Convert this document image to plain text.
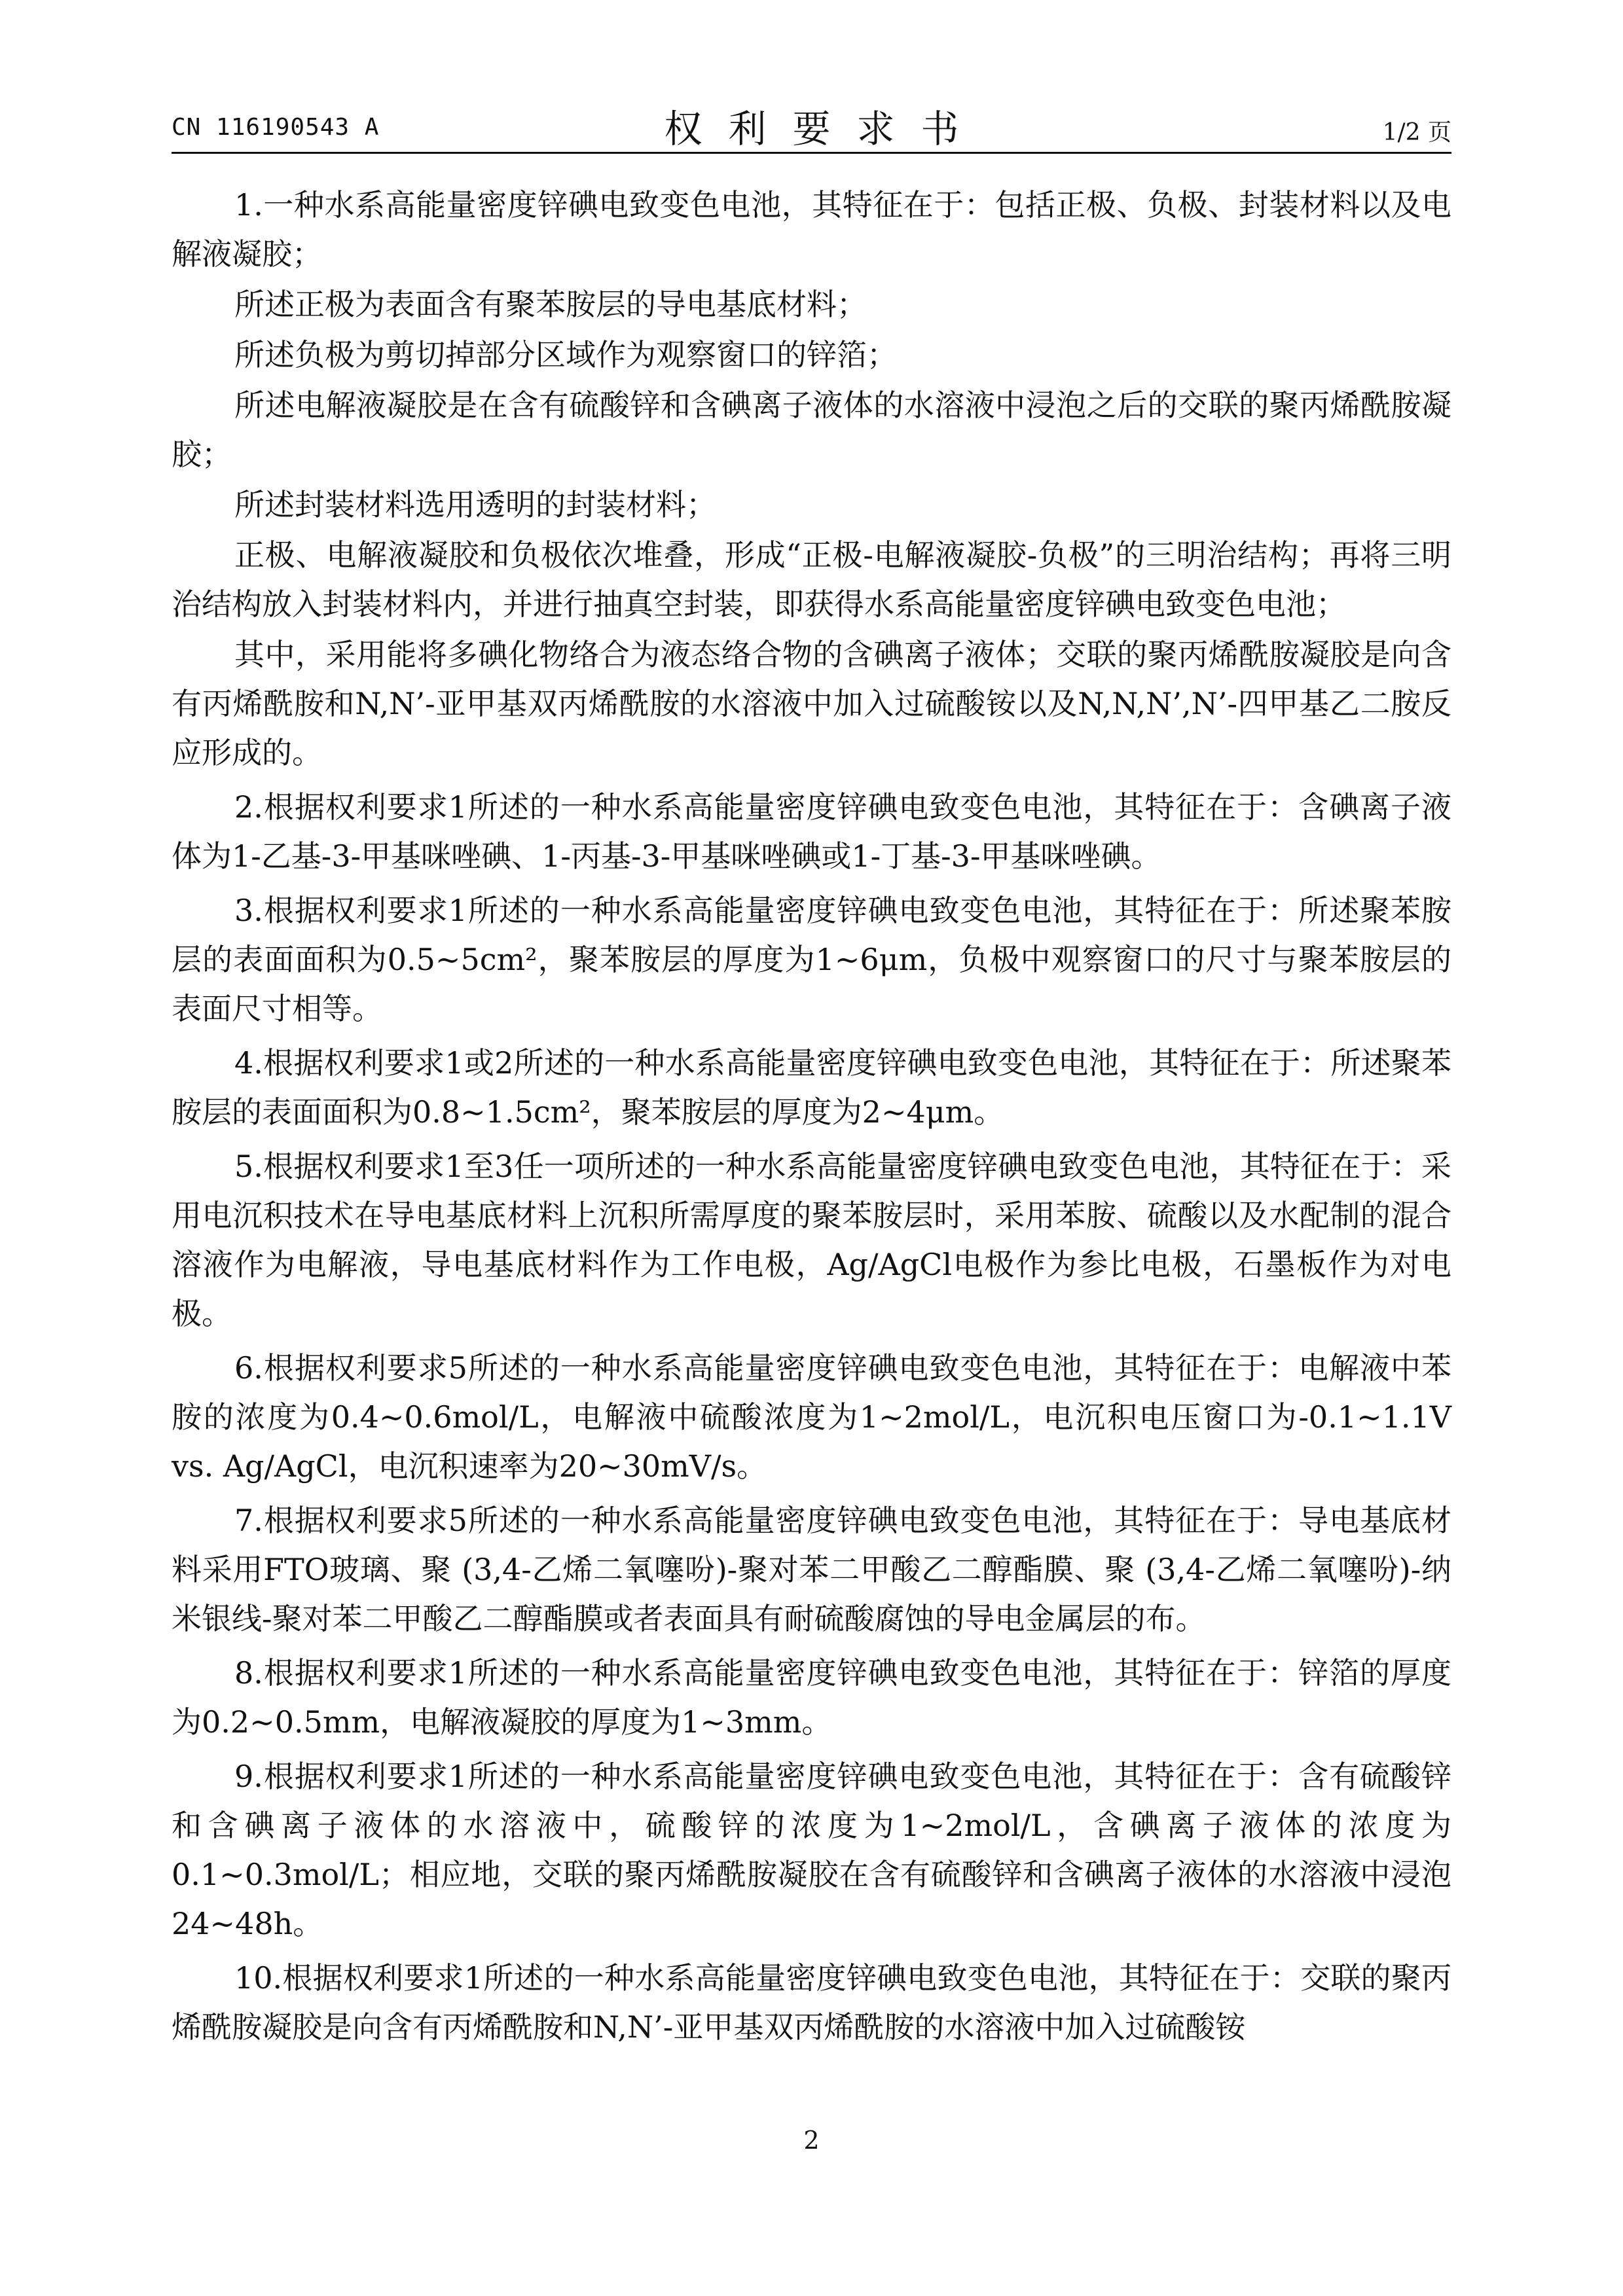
CN 116190543 A	权利要求书	1/2 页

1.一种水系高能量密度锌碘电致变色电池，其特征在于：包括正极、负极、封装材料以及电解液凝胶；

所述正极为表面含有聚苯胺层的导电基底材料；

所述负极为剪切掉部分区域作为观察窗口的锌箔；

所述电解液凝胶是在含有硫酸锌和含碘离子液体的水溶液中浸泡之后的交联的聚丙烯酰胺凝胶；

所述封装材料选用透明的封装材料；

正极、电解液凝胶和负极依次堆叠，形成“正极-电解液凝胶-负极”的三明治结构；再将三明治结构放入封装材料内，并进行抽真空封装，即获得水系高能量密度锌碘电致变色电池；

其中，采用能将多碘化物络合为液态络合物的含碘离子液体；交联的聚丙烯酰胺凝胶是向含有丙烯酰胺和N,N’-亚甲基双丙烯酰胺的水溶液中加入过硫酸铵以及N,N,N’,N’-四甲基乙二胺反应形成的。

2.根据权利要求1所述的一种水系高能量密度锌碘电致变色电池，其特征在于：含碘离子液体为1-乙基-3-甲基咪唑碘、1-丙基-3-甲基咪唑碘或1-丁基-3-甲基咪唑碘。

3.根据权利要求1所述的一种水系高能量密度锌碘电致变色电池，其特征在于：所述聚苯胺层的表面面积为0.5~5cm²，聚苯胺层的厚度为1~6μm，负极中观察窗口的尺寸与聚苯胺层的表面尺寸相等。

4.根据权利要求1或2所述的一种水系高能量密度锌碘电致变色电池，其特征在于：所述聚苯胺层的表面面积为0.8~1.5cm²，聚苯胺层的厚度为2~4μm。

5.根据权利要求1至3任一项所述的一种水系高能量密度锌碘电致变色电池，其特征在于：采用电沉积技术在导电基底材料上沉积所需厚度的聚苯胺层时，采用苯胺、硫酸以及水配制的混合溶液作为电解液，导电基底材料作为工作电极，Ag/AgCl电极作为参比电极，石墨板作为对电极。

6.根据权利要求5所述的一种水系高能量密度锌碘电致变色电池，其特征在于：电解液中苯胺的浓度为0.4~0.6mol/L，电解液中硫酸浓度为1~2mol/L，电沉积电压窗口为-0.1~1.1V vs. Ag/AgCl，电沉积速率为20~30mV/s。

7.根据权利要求5所述的一种水系高能量密度锌碘电致变色电池，其特征在于：导电基底材料采用FTO玻璃、聚 (3,4-乙烯二氧噻吩)-聚对苯二甲酸乙二醇酯膜、聚 (3,4-乙烯二氧噻吩)-纳米银线-聚对苯二甲酸乙二醇酯膜或者表面具有耐硫酸腐蚀的导电金属层的布。

8.根据权利要求1所述的一种水系高能量密度锌碘电致变色电池，其特征在于：锌箔的厚度为0.2~0.5mm，电解液凝胶的厚度为1~3mm。

9.根据权利要求1所述的一种水系高能量密度锌碘电致变色电池，其特征在于：含有硫酸锌和含碘离子液体的水溶液中，硫酸锌的浓度为1~2mol/L，含碘离子液体的浓度为0.1~0.3mol/L；相应地，交联的聚丙烯酰胺凝胶在含有硫酸锌和含碘离子液体的水溶液中浸泡24~48h。

10.根据权利要求1所述的一种水系高能量密度锌碘电致变色电池，其特征在于：交联的聚丙烯酰胺凝胶是向含有丙烯酰胺和N,N’-亚甲基双丙烯酰胺的水溶液中加入过硫酸铵

2
